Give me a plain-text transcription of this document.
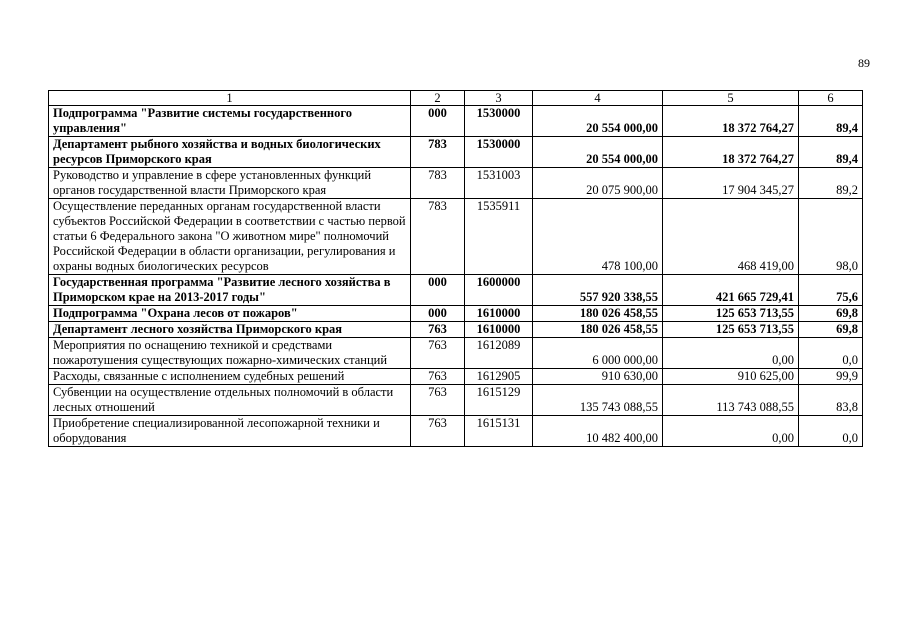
89
1	2	3	4	5	6
Подпрограмма "Развитие системы государственного управления"	000	1530000	20 554 000,00	18 372 764,27	89,4
Департамент рыбного хозяйства и водных биологических ресурсов Приморского края	783	1530000	20 554 000,00	18 372 764,27	89,4
Руководство и управление в сфере установленных функций органов государственной власти Приморского края	783	1531003	20 075 900,00	17 904 345,27	89,2
Осуществление переданных органам государственной власти субъектов Российской Федерации в соответствии с частью первой статьи 6 Федерального закона "О животном мире" полномочий Российской Федерации в области организации, регулирования и охраны водных биологических ресурсов	783	1535911	478 100,00	468 419,00	98,0
Государственная программа "Развитие лесного хозяйства в Приморском крае на 2013-2017 годы"	000	1600000	557 920 338,55	421 665 729,41	75,6
Подпрограмма "Охрана лесов от пожаров"	000	1610000	180 026 458,55	125 653 713,55	69,8
Департамент лесного хозяйства Приморского края	763	1610000	180 026 458,55	125 653 713,55	69,8
Мероприятия по оснащению техникой и средствами пожаротушения существующих пожарно-химических станций	763	1612089	6 000 000,00	0,00	0,0
Расходы, связанные с исполнением судебных решений	763	1612905	910 630,00	910 625,00	99,9
Субвенции на осуществление отдельных полномочий в области лесных отношений	763	1615129	135 743 088,55	113 743 088,55	83,8
Приобретение специализированной лесопожарной техники и оборудования	763	1615131	10 482 400,00	0,00	0,0
